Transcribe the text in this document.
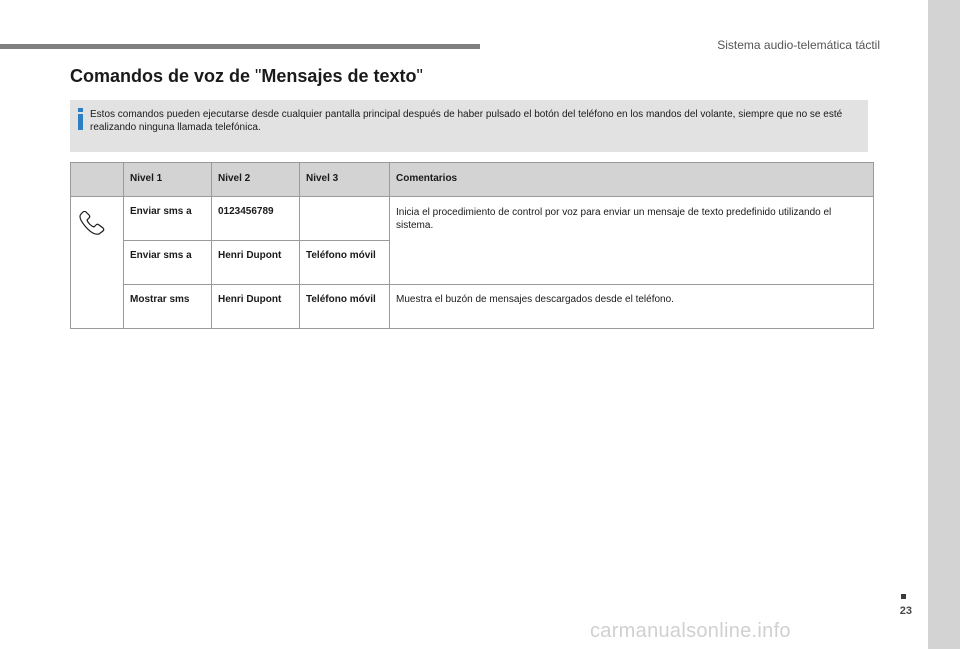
Sistema audio-telemática táctil
23
carmanualsonline.info
Comandos de voz de "Mensajes de texto"
Estos comandos pueden ejecutarse desde cualquier pantalla principal después de haber pulsado el botón del teléfono en los mandos del volante, siempre que no se esté realizando ninguna llamada telefónica.
	Nivel 1	Nivel 2	Nivel 3	Comentarios
	Enviar sms a	0123456789		Inicia el procedimiento de control por voz para enviar un mensaje de texto predefinido utilizando el sistema.
	Enviar sms a	Henri Dupont	Teléfono móvil	
	Mostrar sms	Henri Dupont	Teléfono móvil	Muestra el buzón de mensajes descargados desde el teléfono.
